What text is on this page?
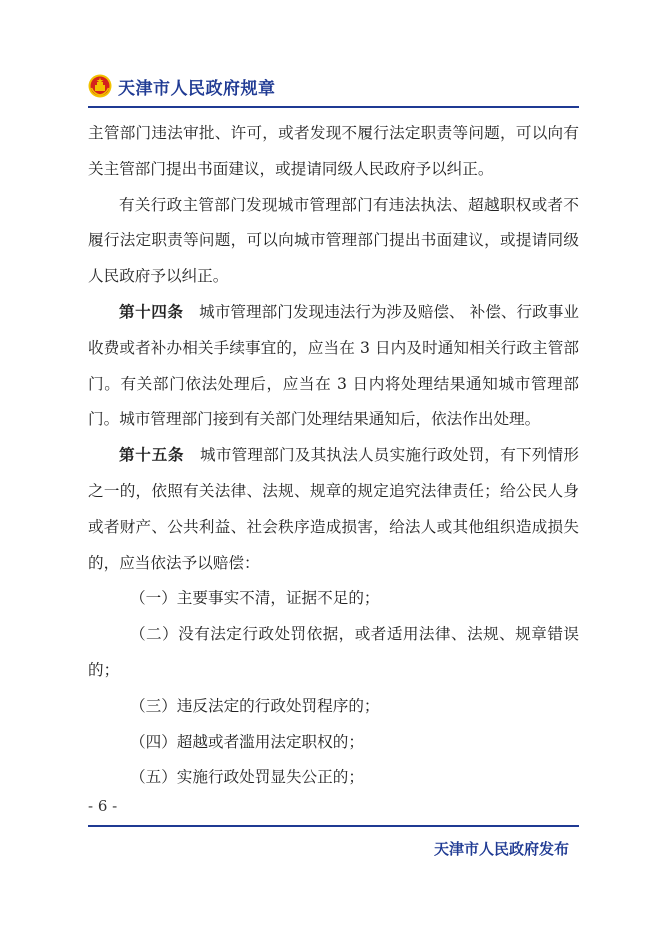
天津市人民政府规章

主管部门违法审批、许可，或者发现不履行法定职责等问题，可以向有关主管部门提出书面建议，或提请同级人民政府予以纠正。

有关行政主管部门发现城市管理部门有违法执法、超越职权或者不履行法定职责等问题，可以向城市管理部门提出书面建议，或提请同级人民政府予以纠正。

第十四条　 城市管理部门发现违法行为涉及赔偿、 补偿、行政事业收费或者补办相关手续事宜的，应当在 3 日内及时通知相关行政主管部门。有关部门依法处理后，应当在 3 日内将处理结果通知城市管理部门。城市管理部门接到有关部门处理结果通知后，依法作出处理。

第十五条　 城市管理部门及其执法人员实施行政处罚，有下列情形之一的，依照有关法律、法规、规章的规定追究法律责任；给公民人身或者财产、公共利益、社会秩序造成损害，给法人或其他组织造成损失的，应当依法予以赔偿：

（一）主要事实不清，证据不足的；

（二）没有法定行政处罚依据，或者适用法律、法规、规章错误的；

（三）违反法定的行政处罚程序的；

（四）超越或者滥用法定职权的；

（五）实施行政处罚显失公正的；

- 6 -
天津市人民政府发布
